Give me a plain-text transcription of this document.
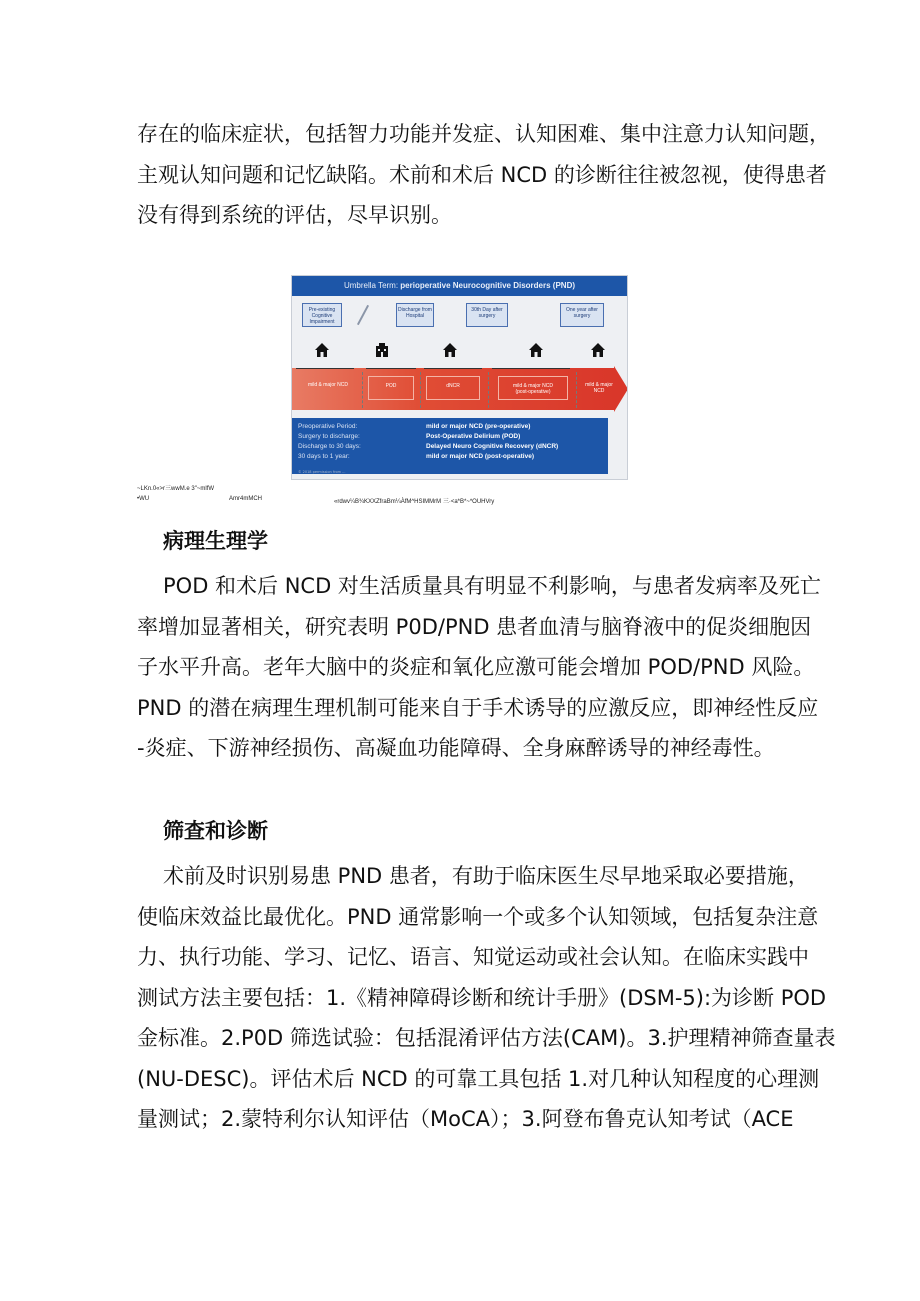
存在的临床症状，包括智力功能并发症、认知困难、集中注意力认知问题，
主观认知问题和记忆缺陷。术前和术后 NCD 的诊断往往被忽视，使得患者
没有得到系统的评估，尽早识别。
Umbrella Term: perioperative Neurocognitive Disorders (PND)
Pre-existing Cognitive Impairment
Discharge from Hospital
30th Day after surgery
One year after surgery
mild & major NCD	POD	dNCR	mild & major NCD
(post-operative)
mild & major NCD
Preoperative Period:	mild or major NCD (pre-operative)
Surgery to discharge:	Post-Operative Delirium (POD)
Discharge to 30 days:	Delayed Neuro Cognitive Recovery (dNCR)
30 days to 1 year:	mild or major NCD (post-operative)
© 2018 permission from ...
~LKn.0«>r三wwM.e 3"~mlfW
•WU	Amr4mMCH	«rdwv¼B¾KXXZfraBm¼ÀfM^HSIMMrM 三·<a*B*~*OUHVry
病理生理学
POD 和术后 NCD 对生活质量具有明显不利影响，与患者发病率及死亡
率增加显著相关，研究表明 P0D/PND 患者血清与脑脊液中的促炎细胞因
子水平升高。老年大脑中的炎症和氧化应激可能会增加 POD/PND 风险。
PND 的潜在病理生理机制可能来自于手术诱导的应激反应，即神经性反应
-炎症、下游神经损伤、高凝血功能障碍、全身麻醉诱导的神经毒性。
筛查和诊断
术前及时识别易患 PND 患者，有助于临床医生尽早地采取必要措施，
使临床效益比最优化。PND 通常影响一个或多个认知领域，包括复杂注意
力、执行功能、学习、记忆、语言、知觉运动或社会认知。在临床实践中
测试方法主要包括：1.《精神障碍诊断和统计手册》(DSM-5):为诊断 POD
金标准。2.P0D 筛选试验：包括混淆评估方法(CAM)。3.护理精神筛查量表
(NU-DESC)。评估术后 NCD 的可靠工具包括 1.对几种认知程度的心理测
量测试；2.蒙特利尔认知评估（MoCA）；3.阿登布鲁克认知考试（ACE
